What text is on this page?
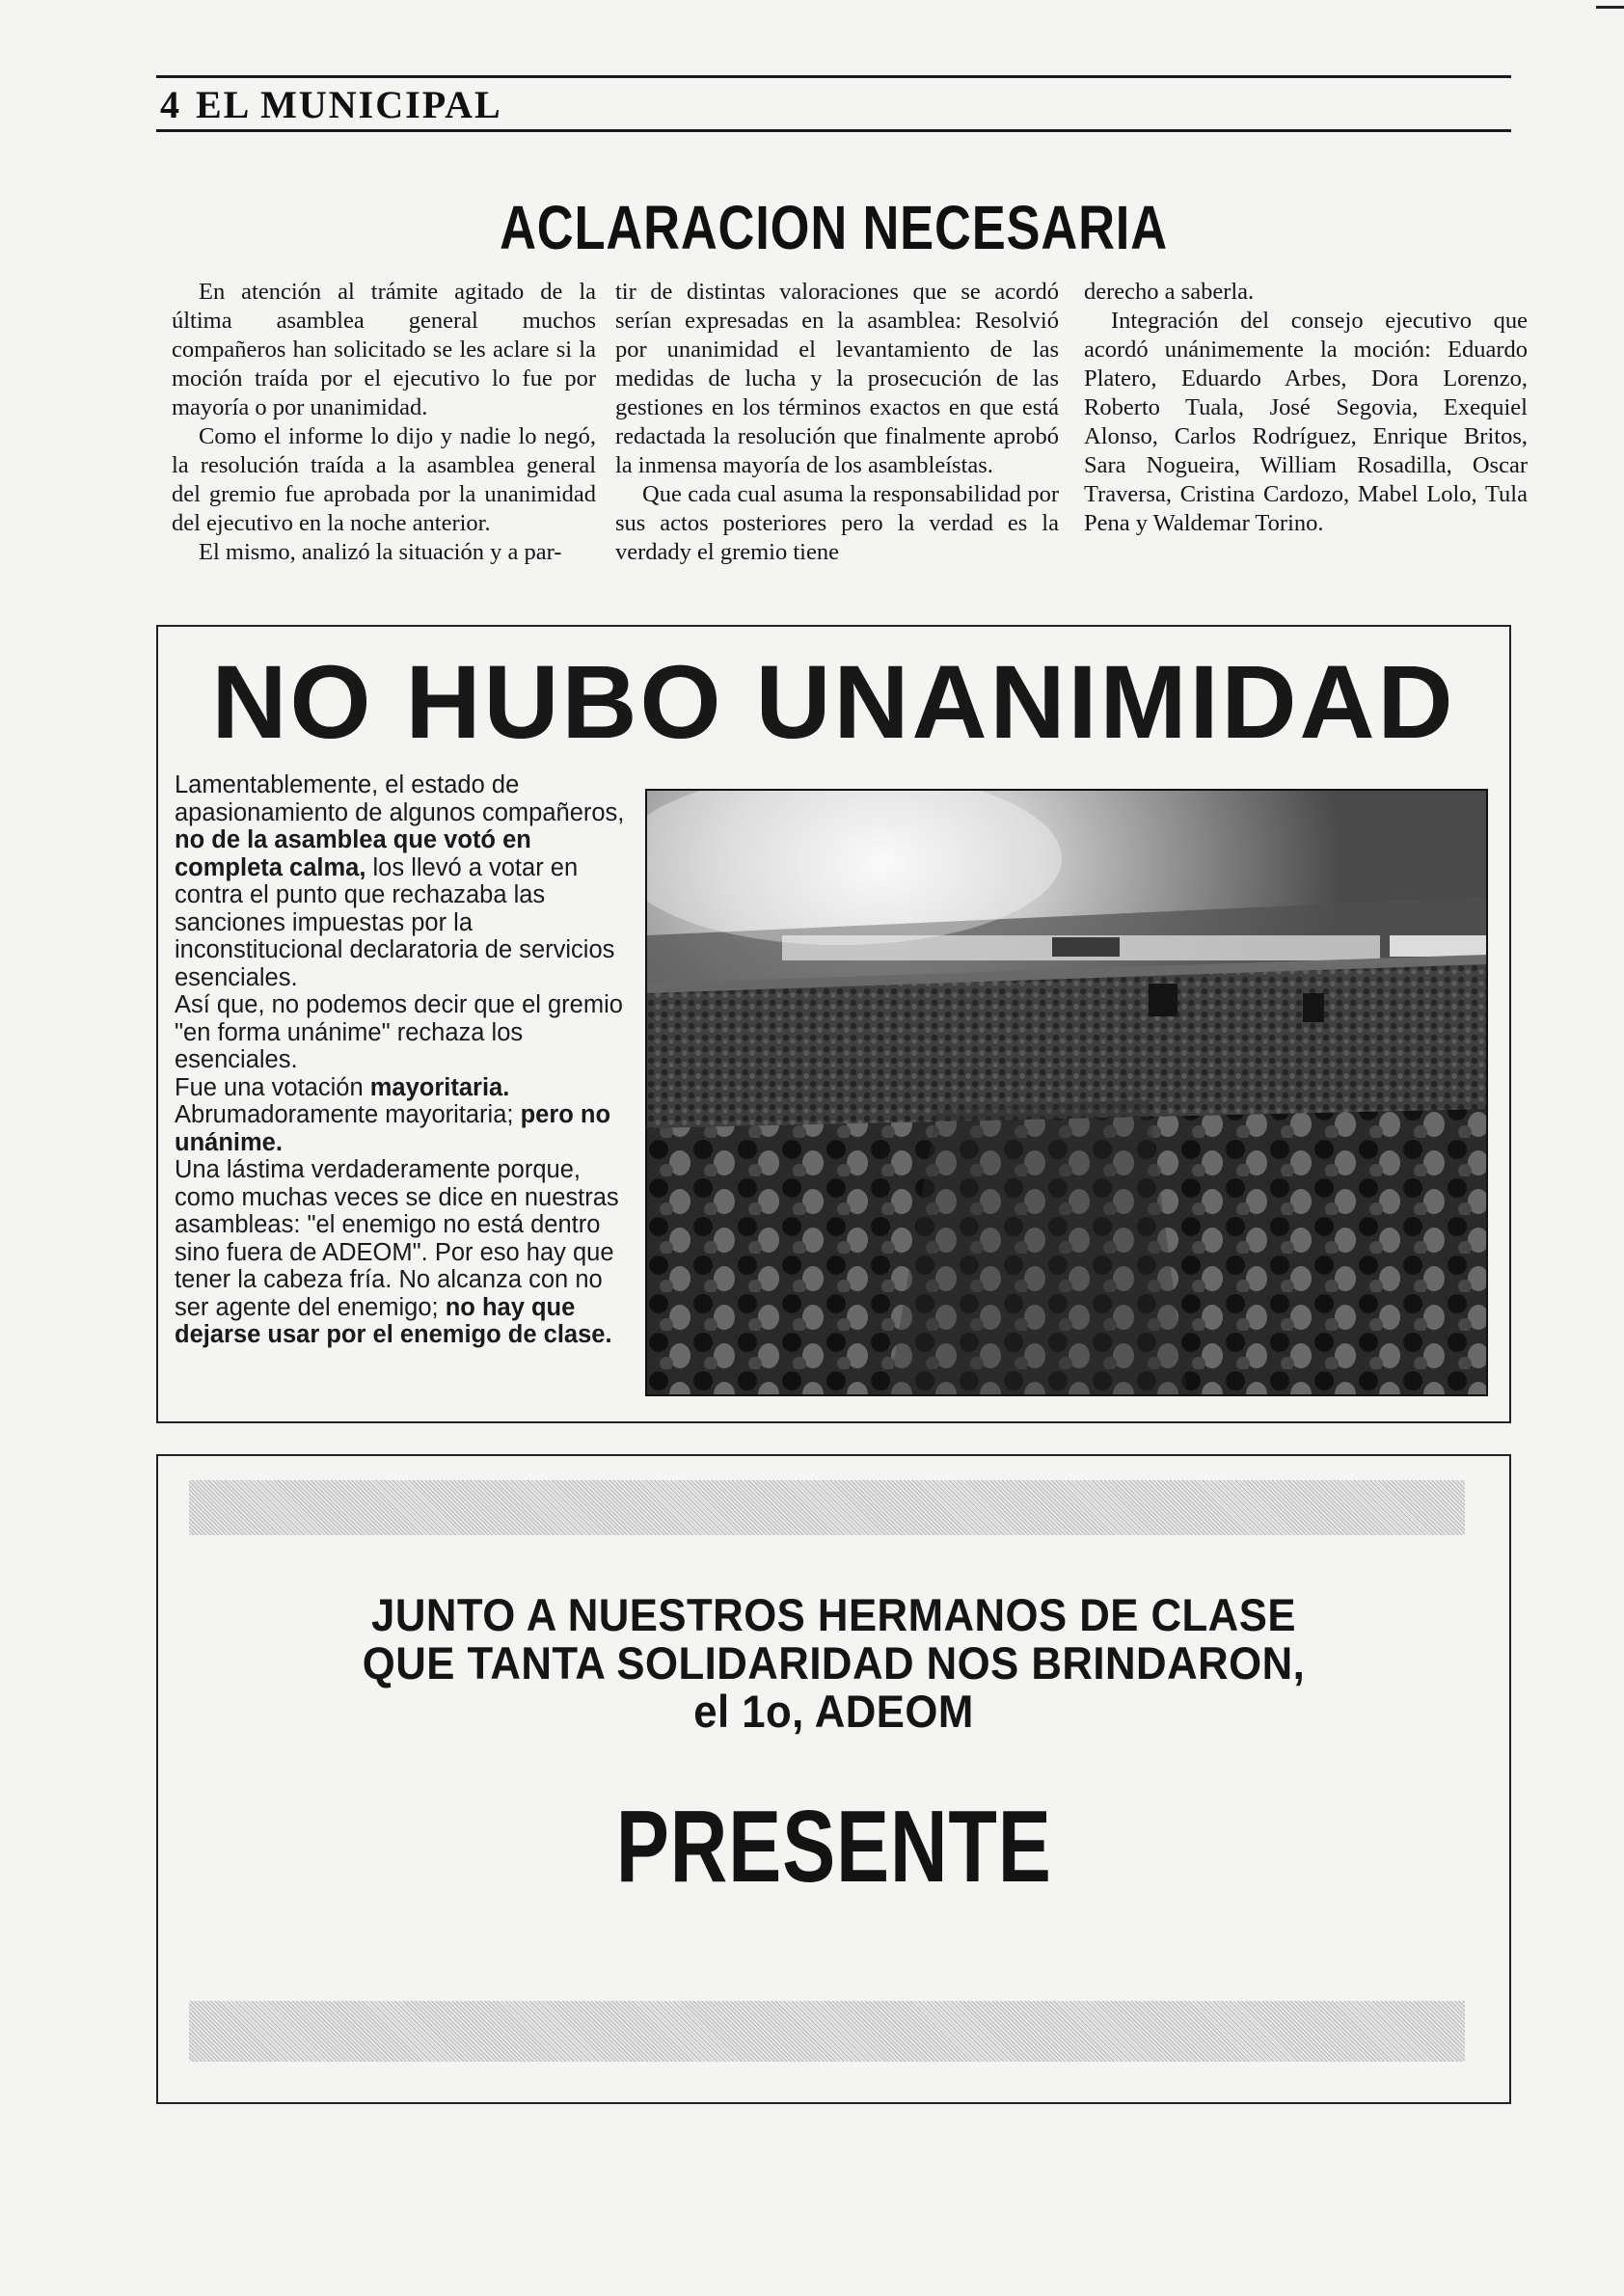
4 EL MUNICIPAL
ACLARACION NECESARIA

En atención al trámite agitado de la última asamblea general muchos compañeros han solicitado se les aclare si la moción traída por el ejecutivo lo fue por mayoría o por unanimidad.

Como el informe lo dijo y nadie lo negó, la resolución traída a la asamblea general del gremio fue aprobada por la unanimidad del ejecutivo en la noche anterior.

El mismo, analizó la situación y a par-

tir de distintas valoraciones que se acordó serían expresadas en la asamblea: Resolvió por unanimidad el levantamiento de las medidas de lucha y la prosecución de las gestiones en los términos exactos en que está redactada la resolución que finalmente aprobó la inmensa mayoría de los asambleístas.

Que cada cual asuma la responsabilidad por sus actos posteriores pero la verdad es la verdady el gremio tiene

derecho a saberla.

Integración del consejo ejecutivo que acordó unánimemente la moción: Eduardo Platero, Eduardo Arbes, Dora Lorenzo, Roberto Tuala, José Segovia, Exequiel Alonso, Carlos Rodríguez, Enrique Britos, Sara Nogueira, William Rosadilla, Oscar Traversa, Cristina Cardozo, Mabel Lolo, Tula Pena y Waldemar Torino.

NO HUBO UNANIMIDAD

Lamentablemente, el estado de apasionamiento de algunos compañeros, no de la asamblea que votó en completa calma, los llevó a votar en contra el punto que rechazaba las sanciones impuestas por la inconstitucional declaratoria de servicios esenciales.

Así que, no podemos decir que el gremio "en forma unánime" rechaza los esenciales.

Fue una votación mayoritaria.

Abrumadoramente mayoritaria; pero no unánime.

Una lástima verdaderamente porque, como muchas veces se dice en nuestras asambleas: "el enemigo no está dentro sino fuera de ADEOM". Por eso hay que tener la cabeza fría. No alcanza con no ser agente del enemigo; no hay que dejarse usar por el enemigo de clase.

JUNTO A NUESTROS HERMANOS DE CLASE
QUE TANTA SOLIDARIDAD NOS BRINDARON,
el 1o, ADEOM
PRESENTE
